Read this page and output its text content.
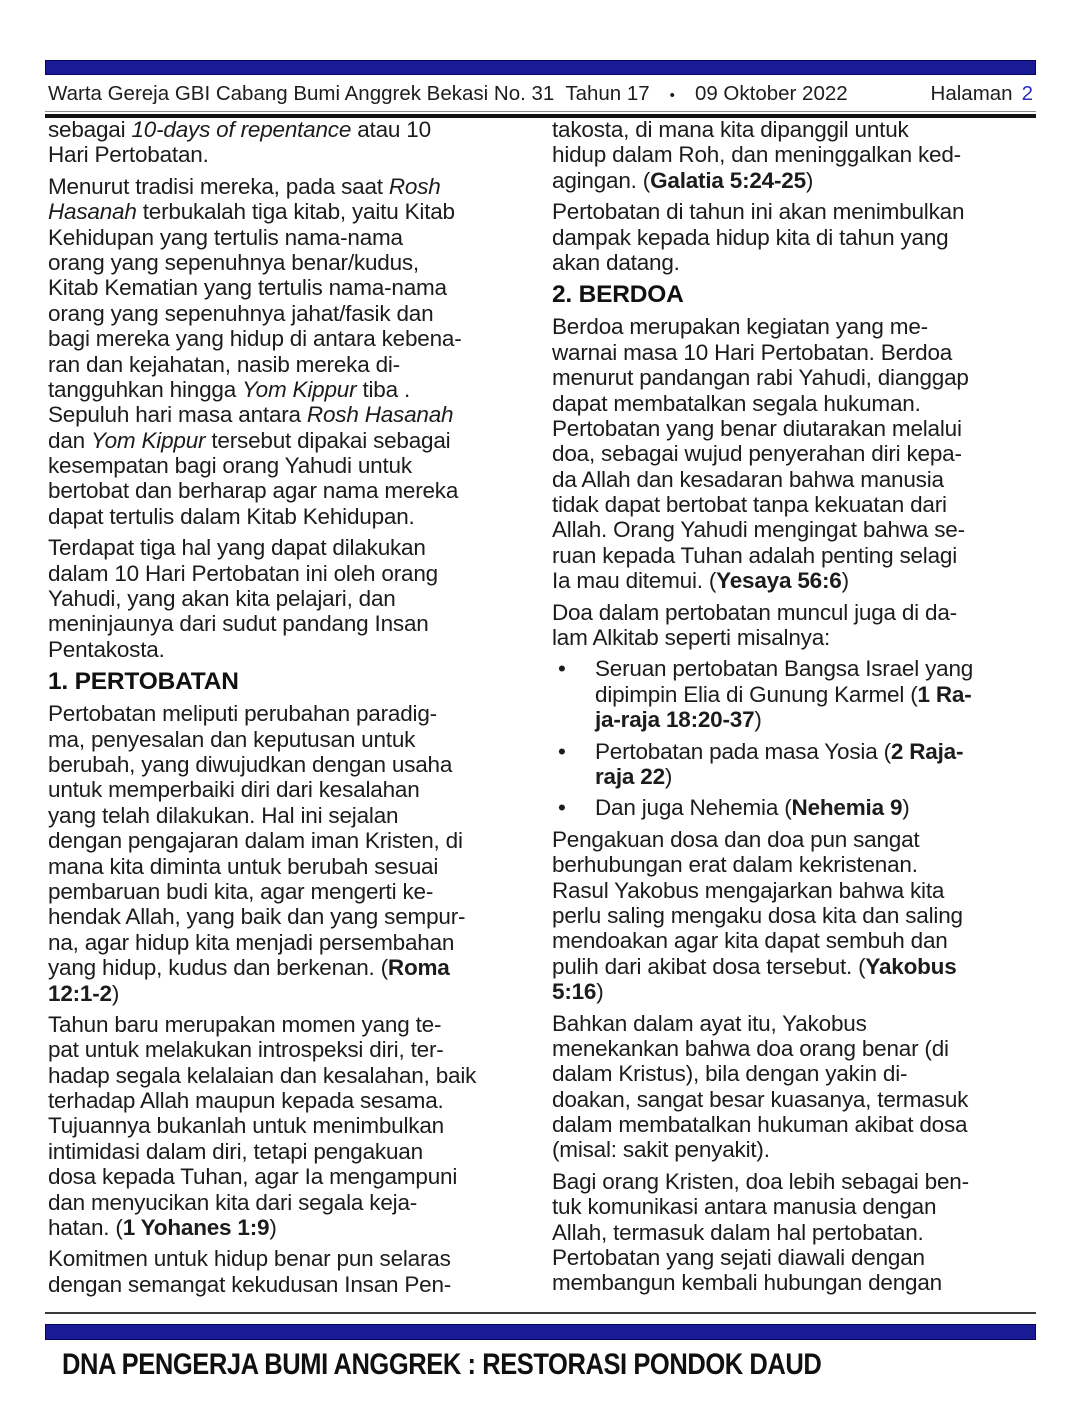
Warta Gereja GBI Cabang Bumi Anggrek Bekasi No. 31  Tahun 17 • 09 Oktober 2022	Halaman 2
sebagai 10-days of repentance atau 10
Hari Pertobatan.
Menurut tradisi mereka, pada saat Rosh
Hasanah terbukalah tiga kitab, yaitu Kitab
Kehidupan yang tertulis nama-nama
orang yang sepenuhnya benar/kudus,
Kitab Kematian yang tertulis nama-nama
orang yang sepenuhnya jahat/fasik dan
bagi mereka yang hidup di antara kebena-
ran dan kejahatan, nasib mereka di-
tangguhkan hingga Yom Kippur tiba .
Sepuluh hari masa antara Rosh Hasanah
dan Yom Kippur tersebut dipakai sebagai
kesempatan bagi orang Yahudi untuk
bertobat dan berharap agar nama mereka
dapat tertulis dalam Kitab Kehidupan.
Terdapat tiga hal yang dapat dilakukan
dalam 10 Hari Pertobatan ini oleh orang
Yahudi, yang akan kita pelajari, dan
meninjaunya dari sudut pandang Insan
Pentakosta.
1. PERTOBATAN
Pertobatan meliputi perubahan paradig-
ma, penyesalan dan keputusan untuk
berubah, yang diwujudkan dengan usaha
untuk memperbaiki diri dari kesalahan
yang telah dilakukan. Hal ini sejalan
dengan pengajaran dalam iman Kristen, di
mana kita diminta untuk berubah sesuai
pembaruan budi kita, agar mengerti ke-
hendak Allah, yang baik dan yang sempur-
na, agar hidup kita menjadi persembahan
yang hidup, kudus dan berkenan. (Roma
12:1-2)
Tahun baru merupakan momen yang te-
pat untuk melakukan introspeksi diri, ter-
hadap segala kelalaian dan kesalahan, baik
terhadap Allah maupun kepada sesama.
Tujuannya bukanlah untuk menimbulkan
intimidasi dalam diri, tetapi pengakuan
dosa kepada Tuhan, agar Ia mengampuni
dan menyucikan kita dari segala keja-
hatan. (1 Yohanes 1:9)
Komitmen untuk hidup benar pun selaras
dengan semangat kekudusan Insan Pen-
takosta, di mana kita dipanggil untuk
hidup dalam Roh, dan meninggalkan ked-
agingan. (Galatia 5:24-25)
Pertobatan di tahun ini akan menimbulkan
dampak kepada hidup kita di tahun yang
akan datang.
2. BERDOA
Berdoa merupakan kegiatan yang me-
warnai masa 10 Hari Pertobatan. Berdoa
menurut pandangan rabi Yahudi, dianggap
dapat membatalkan segala hukuman.
Pertobatan yang benar diutarakan melalui
doa, sebagai wujud penyerahan diri kepa-
da Allah dan kesadaran bahwa manusia
tidak dapat bertobat tanpa kekuatan dari
Allah. Orang Yahudi mengingat bahwa se-
ruan kepada Tuhan adalah penting selagi
Ia mau ditemui. (Yesaya 56:6)
Doa dalam pertobatan muncul juga di da-
lam Alkitab seperti misalnya:
• Seruan pertobatan Bangsa Israel yang
dipimpin Elia di Gunung Karmel (1 Ra-
ja-raja 18:20-37)
• Pertobatan pada masa Yosia (2 Raja-
raja 22)
• Dan juga Nehemia (Nehemia 9)
Pengakuan dosa dan doa pun sangat
berhubungan erat dalam kekristenan.
Rasul Yakobus mengajarkan bahwa kita
perlu saling mengaku dosa kita dan saling
mendoakan agar kita dapat sembuh dan
pulih dari akibat dosa tersebut. (Yakobus
5:16)
Bahkan dalam ayat itu, Yakobus
menekankan bahwa doa orang benar (di
dalam Kristus), bila dengan yakin di-
doakan, sangat besar kuasanya, termasuk
dalam membatalkan hukuman akibat dosa
(misal: sakit penyakit).
Bagi orang Kristen, doa lebih sebagai ben-
tuk komunikasi antara manusia dengan
Allah, termasuk dalam hal pertobatan.
Pertobatan yang sejati diawali dengan
membangun kembali hubungan dengan
DNA PENGERJA BUMI ANGGREK : RESTORASI PONDOK DAUD
